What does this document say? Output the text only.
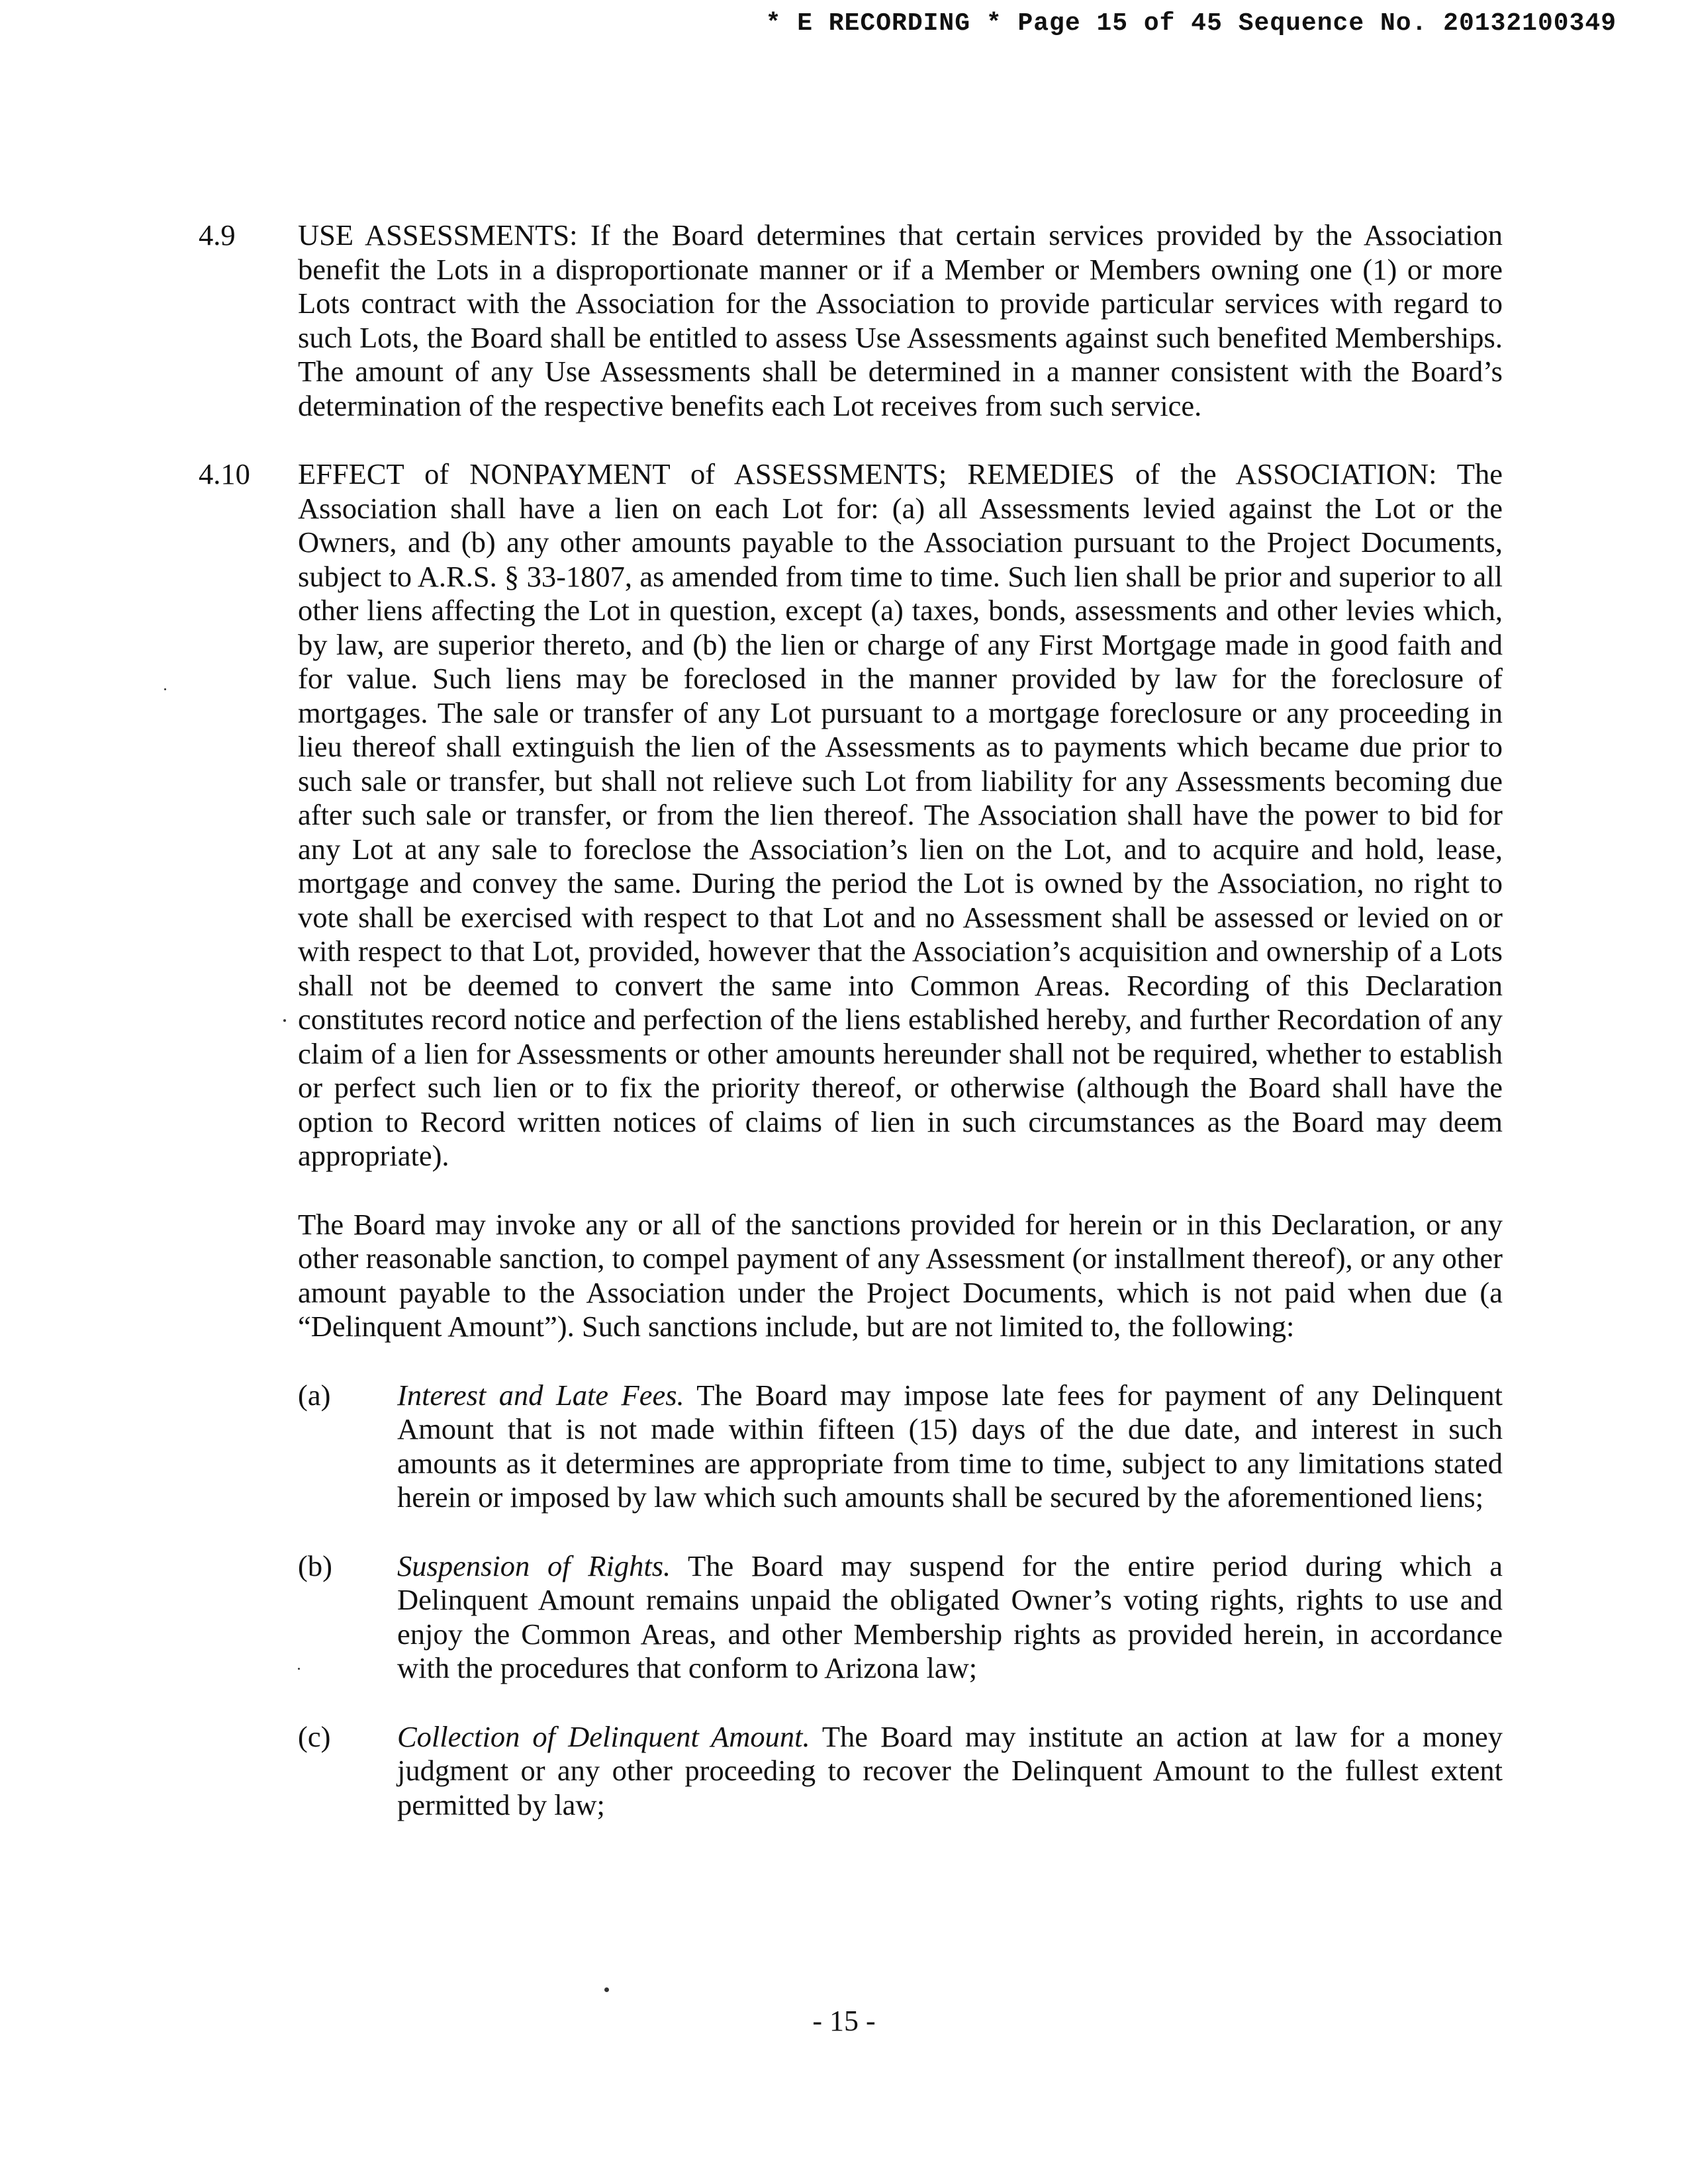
* E RECORDING * Page 15 of 45 Sequence No. 20132100349
4.9 USE ASSESSMENTS: If the Board determines that certain services provided by the Association benefit the Lots in a disproportionate manner or if a Member or Members owning one (1) or more Lots contract with the Association for the Association to provide particular services with regard to such Lots, the Board shall be entitled to assess Use Assessments against such benefited Memberships. The amount of any Use Assessments shall be determined in a manner consistent with the Board’s determination of the respective benefits each Lot receives from such service.

4.10 EFFECT of NONPAYMENT of ASSESSMENTS; REMEDIES of the ASSOCIATION: The Association shall have a lien on each Lot for: (a) all Assessments levied against the Lot or the Owners, and (b) any other amounts payable to the Association pursuant to the Project Documents, subject to A.R.S. § 33-1807, as amended from time to time. Such lien shall be prior and superior to all other liens affecting the Lot in question, except (a) taxes, bonds, assessments and other levies which, by law, are superior thereto, and (b) the lien or charge of any First Mortgage made in good faith and for value. Such liens may be foreclosed in the manner provided by law for the foreclosure of mortgages. The sale or transfer of any Lot pursuant to a mortgage foreclosure or any proceeding in lieu thereof shall extinguish the lien of the Assessments as to payments which became due prior to such sale or transfer, but shall not relieve such Lot from liability for any Assessments becoming due after such sale or transfer, or from the lien thereof. The Association shall have the power to bid for any Lot at any sale to foreclose the Association’s lien on the Lot, and to acquire and hold, lease, mortgage and convey the same. During the period the Lot is owned by the Association, no right to vote shall be exercised with respect to that Lot and no Assessment shall be assessed or levied on or with respect to that Lot, provided, however that the Association’s acquisition and ownership of a Lots shall not be deemed to convert the same into Common Areas. Recording of this Declaration constitutes record notice and perfection of the liens established hereby, and further Recordation of any claim of a lien for Assessments or other amounts hereunder shall not be required, whether to establish or perfect such lien or to fix the priority thereof, or otherwise (although the Board shall have the option to Record written notices of claims of lien in such circumstances as the Board may deem appropriate).

The Board may invoke any or all of the sanctions provided for herein or in this Declaration, or any other reasonable sanction, to compel payment of any Assessment (or installment thereof), or any other amount payable to the Association under the Project Documents, which is not paid when due (a “Delinquent Amount”). Such sanctions include, but are not limited to, the following:

(a) Interest and Late Fees. The Board may impose late fees for payment of any Delinquent Amount that is not made within fifteen (15) days of the due date, and interest in such amounts as it determines are appropriate from time to time, subject to any limitations stated herein or imposed by law which such amounts shall be secured by the aforementioned liens;

(b) Suspension of Rights. The Board may suspend for the entire period during which a Delinquent Amount remains unpaid the obligated Owner’s voting rights, rights to use and enjoy the Common Areas, and other Membership rights as provided herein, in accordance with the procedures that conform to Arizona law;

(c) Collection of Delinquent Amount. The Board may institute an action at law for a money judgment or any other proceeding to recover the Delinquent Amount to the fullest extent permitted by law;

- 15 -
